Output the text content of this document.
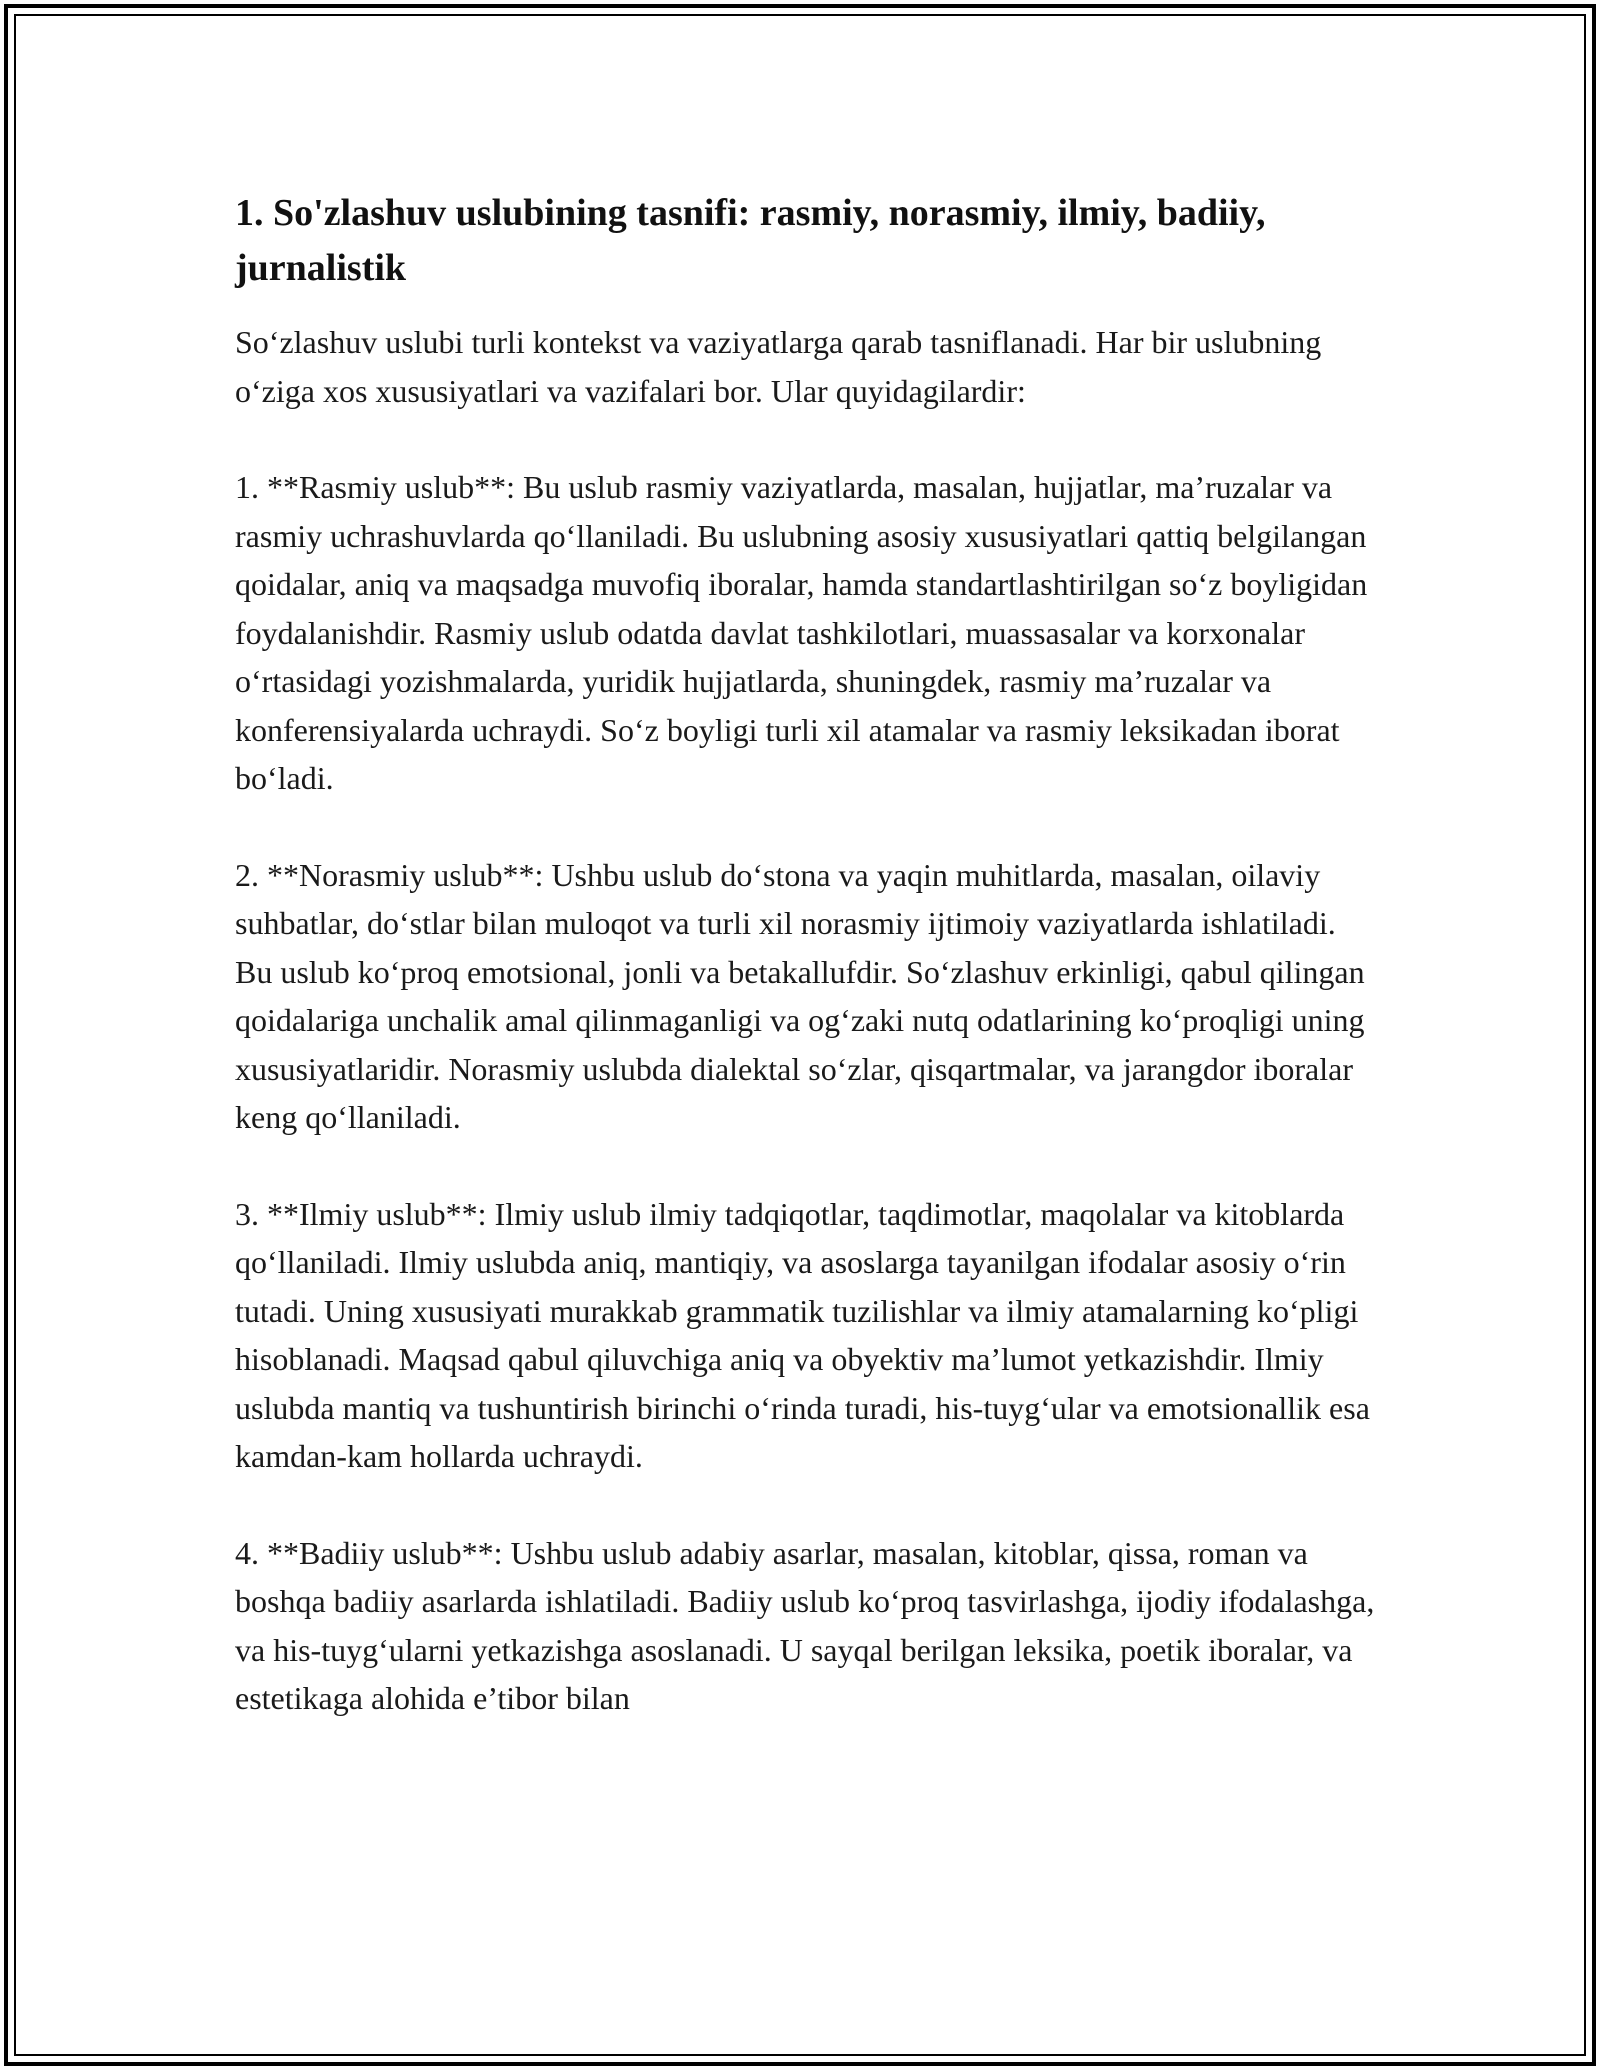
1. So'zlashuv uslubining tasnifi: rasmiy, norasmiy, ilmiy, badiiy, jurnalistik

So‘zlashuv uslubi turli kontekst va vaziyatlarga qarab tasniflanadi. Har bir uslubning o‘ziga xos xususiyatlari va vazifalari bor. Ular quyidagilardir:

1. **Rasmiy uslub**: Bu uslub rasmiy vaziyatlarda, masalan, hujjatlar, ma’ruzalar va rasmiy uchrashuvlarda qo‘llaniladi. Bu uslubning asosiy xususiyatlari qattiq belgilangan qoidalar, aniq va maqsadga muvofiq iboralar, hamda standartlashtirilgan so‘z boyligidan foydalanishdir. Rasmiy uslub odatda davlat tashkilotlari, muassasalar va korxonalar o‘rtasidagi yozishmalarda, yuridik hujjatlarda, shuningdek, rasmiy ma’ruzalar va konferensiyalarda uchraydi. So‘z boyligi turli xil atamalar va rasmiy leksikadan iborat bo‘ladi.

2. **Norasmiy uslub**: Ushbu uslub do‘stona va yaqin muhitlarda, masalan, oilaviy suhbatlar, do‘stlar bilan muloqot va turli xil norasmiy ijtimoiy vaziyatlarda ishlatiladi. Bu uslub ko‘proq emotsional, jonli va betakallufdir. So‘zlashuv erkinligi, qabul qilingan qoidalariga unchalik amal qilinmaganligi va og‘zaki nutq odatlarining ko‘proqligi uning xususiyatlaridir. Norasmiy uslubda dialektal so‘zlar, qisqartmalar, va jarangdor iboralar keng qo‘llaniladi.

3. **Ilmiy uslub**: Ilmiy uslub ilmiy tadqiqotlar, taqdimotlar, maqolalar va kitoblarda qo‘llaniladi. Ilmiy uslubda aniq, mantiqiy, va asoslarga tayanilgan ifodalar asosiy o‘rin tutadi. Uning xususiyati murakkab grammatik tuzilishlar va ilmiy atamalarning ko‘pligi hisoblanadi. Maqsad qabul qiluvchiga aniq va obyektiv ma’lumot yetkazishdir. Ilmiy uslubda mantiq va tushuntirish birinchi o‘rinda turadi, his-tuyg‘ular va emotsionallik esa kamdan-kam hollarda uchraydi.

4. **Badiiy uslub**: Ushbu uslub adabiy asarlar, masalan, kitoblar, qissa, roman va boshqa badiiy asarlarda ishlatiladi. Badiiy uslub ko‘proq tasvirlashga, ijodiy ifodalashga, va his-tuyg‘ularni yetkazishga asoslanadi. U sayqal berilgan leksika, poetik iboralar, va estetikaga alohida e’tibor bilan
